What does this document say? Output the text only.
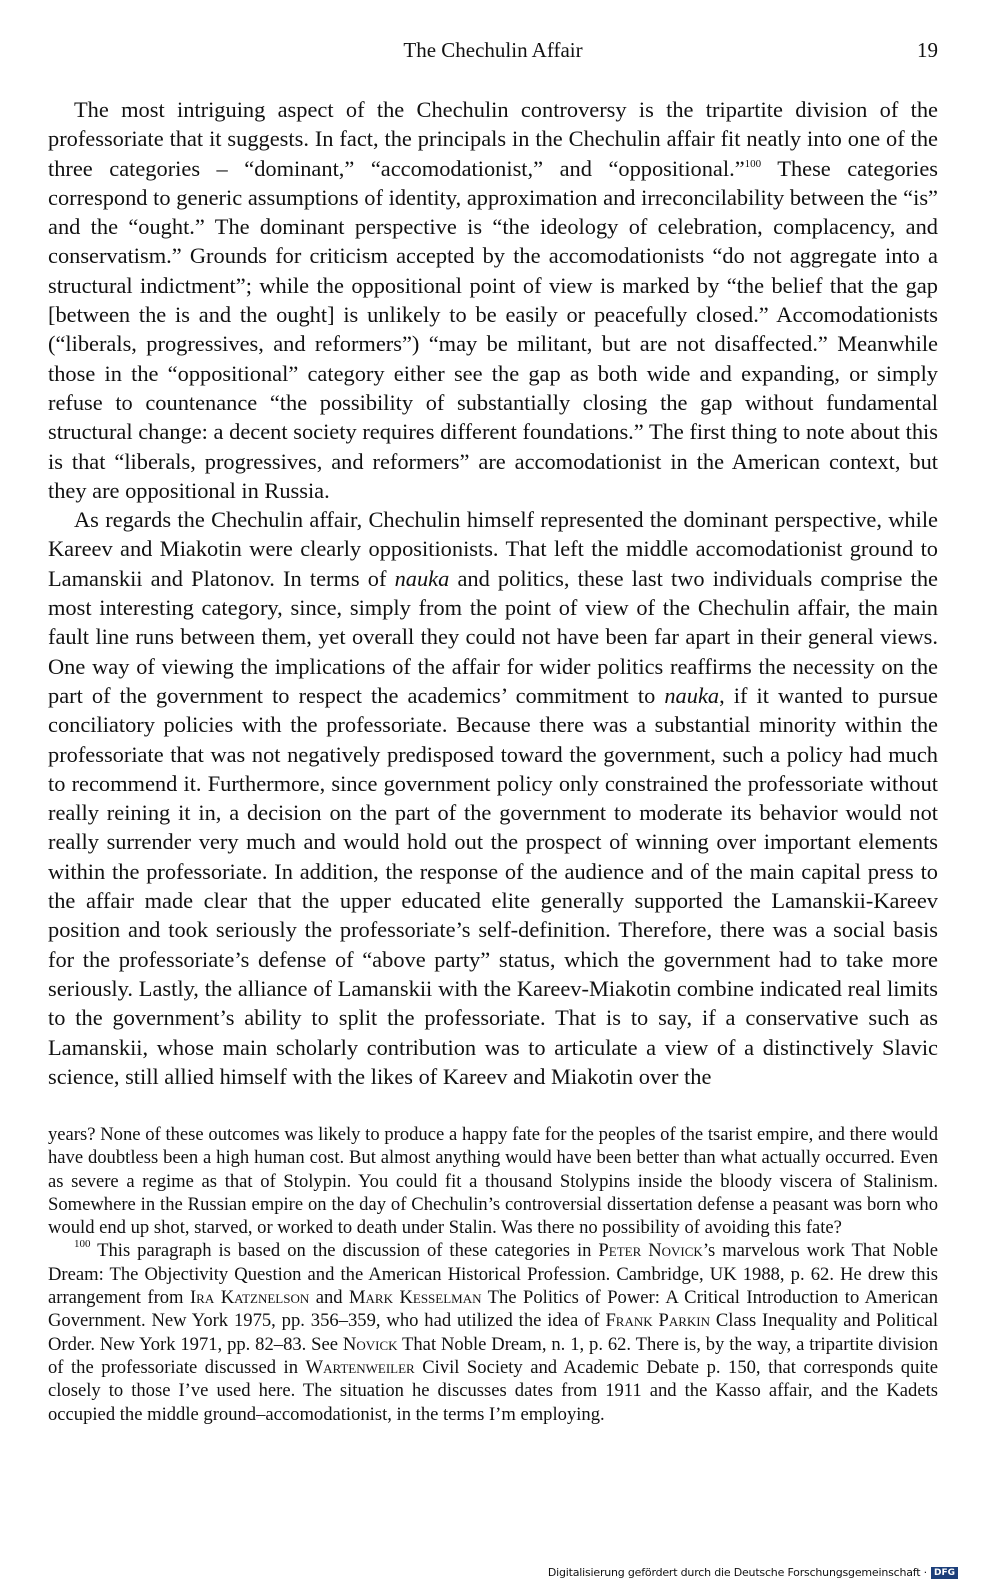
The Chechulin Affair	19

The most intriguing aspect of the Chechulin controversy is the tripartite division of the professoriate that it suggests. In fact, the principals in the Chechulin affair fit neatly into one of the three categories – “dominant,” “accomodationist,” and “oppositional.”$^{100}$ These categories correspond to generic assumptions of identity, approximation and irreconcilability between the “is” and the “ought.” The dominant perspective is “the ideology of celebration, complacency, and conservatism.” Grounds for criticism accepted by the accomodationists “do not aggregate into a structural indictment”; while the oppositional point of view is marked by “the belief that the gap [between the is and the ought] is unlikely to be easily or peacefully closed.” Accomodationists (“liberals, progressives, and reformers”) “may be militant, but are not disaffected.” Meanwhile those in the “oppositional” category either see the gap as both wide and expanding, or simply refuse to countenance “the possibility of substantially closing the gap without fundamental structural change: a decent society requires different foundations.” The first thing to note about this is that “liberals, progressives, and reformers” are accomodationist in the American context, but they are oppositional in Russia.

As regards the Chechulin affair, Chechulin himself represented the dominant perspective, while Kareev and Miakotin were clearly oppositionists. That left the middle accomodationist ground to Lamanskii and Platonov. In terms of nauka and politics, these last two individuals comprise the most interesting category, since, simply from the point of view of the Chechulin affair, the main fault line runs between them, yet overall they could not have been far apart in their general views. One way of viewing the implications of the affair for wider politics reaffirms the necessity on the part of the government to respect the academics’ commitment to nauka, if it wanted to pursue conciliatory policies with the professoriate. Because there was a substantial minority within the professoriate that was not negatively predisposed toward the government, such a policy had much to recommend it. Furthermore, since government policy only constrained the professoriate without really reining it in, a decision on the part of the government to moderate its behavior would not really surrender very much and would hold out the prospect of winning over important elements within the professoriate. In addition, the response of the audience and of the main capital press to the affair made clear that the upper educated elite generally supported the Lamanskii-Kareev position and took seriously the professoriate’s self-definition. Therefore, there was a social basis for the professoriate’s defense of “above party” status, which the government had to take more seriously. Lastly, the alliance of Lamanskii with the Kareev-Miakotin combine indicated real limits to the government’s ability to split the professoriate. That is to say, if a conservative such as Lamanskii, whose main scholarly contribution was to articulate a view of a distinctively Slavic science, still allied himself with the likes of Kareev and Miakotin over the

years? None of these outcomes was likely to produce a happy fate for the peoples of the tsarist empire, and there would have doubtless been a high human cost. But almost anything would have been better than what actually occurred. Even as severe a regime as that of Stolypin. You could fit a thousand Stolypins inside the bloody viscera of Stalinism. Somewhere in the Russian empire on the day of Chechulin’s controversial dissertation defense a peasant was born who would end up shot, starved, or worked to death under Stalin. Was there no possibility of avoiding this fate?

$^{100}$ This paragraph is based on the discussion of these categories in Peter Novick’s marvelous work That Noble Dream: The Objectivity Question and the American Historical Profession. Cambridge, UK 1988, p. 62. He drew this arrangement from Ira Katznelson and Mark Kesselman The Politics of Power: A Critical Introduction to American Government. New York 1975, pp. 356–359, who had utilized the idea of Frank Parkin Class Inequality and Political Order. New York 1971, pp. 82–83. See Novick That Noble Dream, n. 1, p. 62. There is, by the way, a tripartite division of the professoriate discussed in Wartenweiler Civil Society and Academic Debate p. 150, that corresponds quite closely to those I’ve used here. The situation he discusses dates from 1911 and the Kasso affair, and the Kadets occupied the middle ground–accomodationist, in the terms I’m employing.

Digitalisierung gefördert durch die Deutsche Forschungsgemeinschaft · DFG
